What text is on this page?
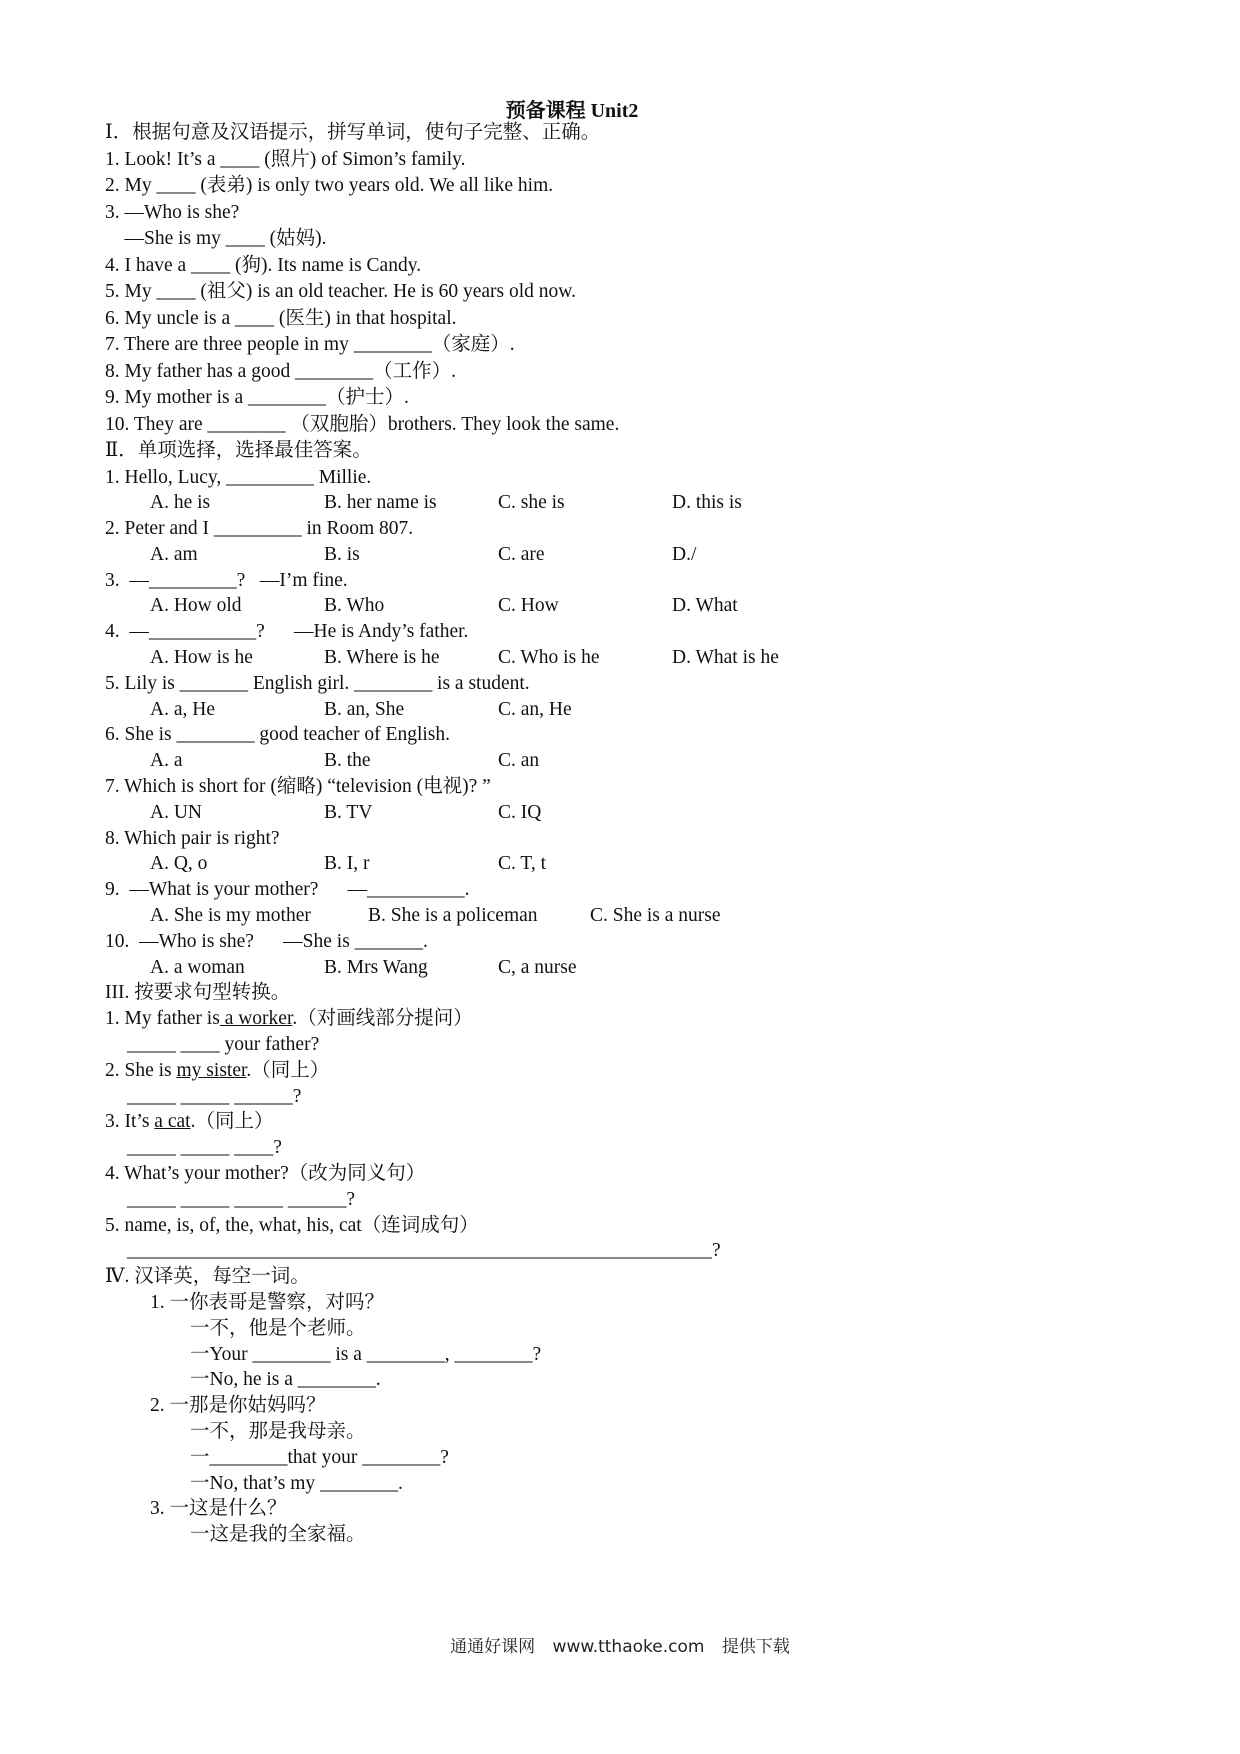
预备课程 Unit2
Ⅰ．根据句意及汉语提示，拼写单词，使句子完整、正确。
1. Look! It’s a ____ (照片) of Simon’s family.
2. My ____ (表弟) is only two years old. We all like him.
3. —Who is she?
—She is my ____ (姑妈).
4. I have a ____ (狗). Its name is Candy.
5. My ____ (祖父) is an old teacher. He is 60 years old now.
6. My uncle is a ____ (医生) in that hospital.
7. There are three people in my ________（家庭）.
8. My father has a good ________（工作）.
9. My mother is a ________（护士）.
10. They are ________ （双胞胎）brothers. They look the same.
Ⅱ．单项选择，选择最佳答案。
1. Hello, Lucy, _________ Millie.
A. he is	B. her name is	C. she is	D. this is
2. Peter and I _________ in Room 807.
A. am	B. is	C. are	D./
3.  —_________?   —I’m fine.
A. How old	B. Who	C. How	D. What
4.  —___________?      —He is Andy’s father.
A. How is he	B. Where is he	C. Who is he	D. What is he
5. Lily is _______ English girl. ________ is a student.
A. a, He	B. an, She	C. an, He
6. She is ________ good teacher of English.
A. a	B. the	C. an
7. Which is short for (缩略) “television (电视)? ”
A. UN	B. TV	C. IQ
8. Which pair is right?
A. Q, o	B. I, r	C. T, t
9.  —What is your mother?      —__________.
A. She is my mother	B. She is a policeman	C. She is a nurse
10.  —Who is she?      —She is _______.
A. a woman	B. Mrs Wang	C, a nurse
III. 按要求句型转换。
1. My father is a worker.（对画线部分提问）
_____ ____ your father?
2. She is my sister.（同上）
_____ _____ ______?
3. It’s a cat.（同上）
_____ _____ ____?
4. What’s your mother?（改为同义句）
_____ _____ _____ ______?
5. name, is, of, the, what, his, cat（连词成句）
____________________________________________________________?
Ⅳ. 汉译英，每空一词。
1. 一你表哥是警察，对吗？
一不，他是个老师。
一Your ________ is a ________, ________?
一No, he is a ________.
2. 一那是你姑妈吗？
一不，那是我母亲。
一________that your ________?
一No, that’s my ________.
3. 一这是什么？
一这是我的全家福。
通通好课网 www.tthaoke.com 提供下载
